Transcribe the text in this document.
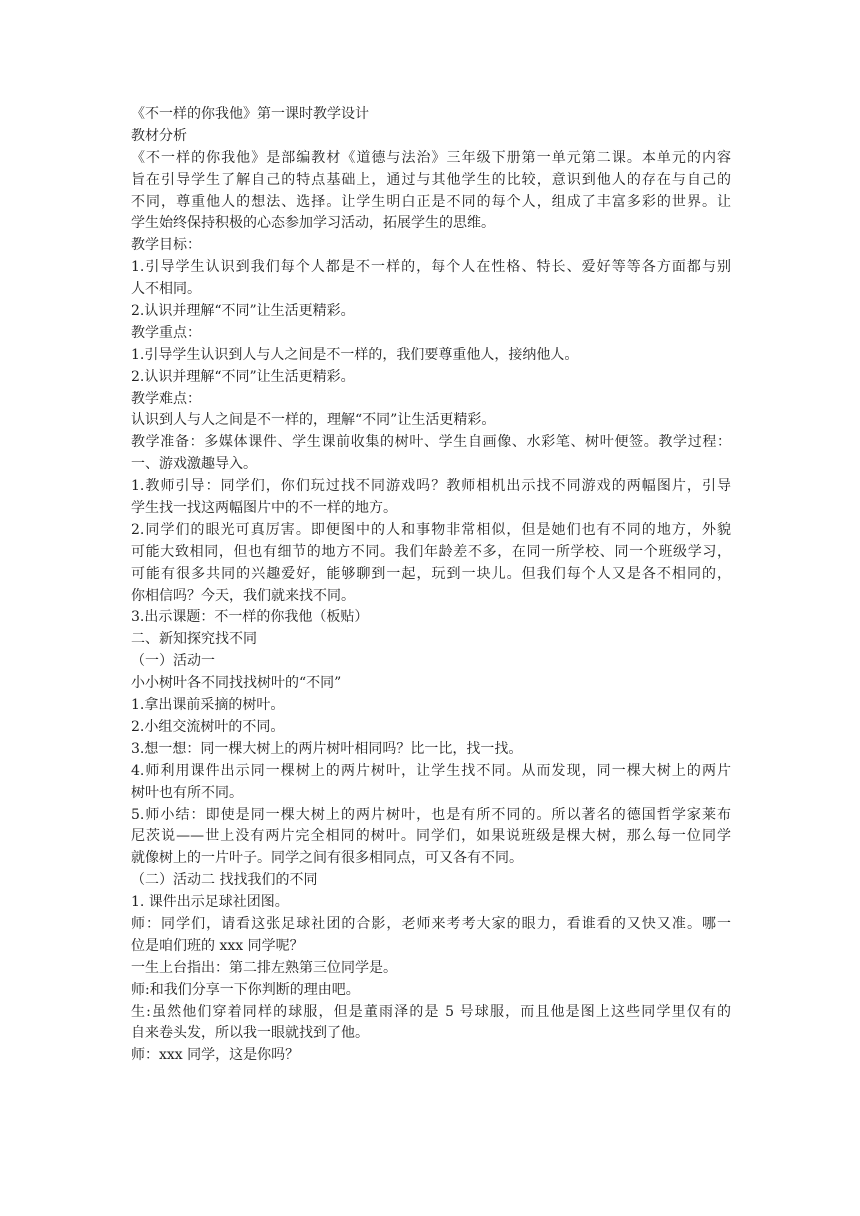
《不一样的你我他》第一课时教学设计
教材分析
《不一样的你我他》是部编教材《道德与法治》三年级下册第一单元第二课。本单元的内容
旨在引导学生了解自己的特点基础上，通过与其他学生的比较，意识到他人的存在与自己的
不同，尊重他人的想法、选择。让学生明白正是不同的每个人，组成了丰富多彩的世界。让
学生始终保持积极的心态参加学习活动，拓展学生的思维。
教学目标：
1.引导学生认识到我们每个人都是不一样的，每个人在性格、特长、爱好等等各方面都与别
人不相同。
2.认识并理解“不同”让生活更精彩。
教学重点：
1.引导学生认识到人与人之间是不一样的，我们要尊重他人，接纳他人。
2.认识并理解“不同”让生活更精彩。
教学难点：
认识到人与人之间是不一样的，理解“不同”让生活更精彩。
教学准备：多媒体课件、学生课前收集的树叶、学生自画像、水彩笔、树叶便签。教学过程：
一、游戏激趣导入。
1.教师引导：同学们，你们玩过找不同游戏吗？教师相机出示找不同游戏的两幅图片，引导
学生找一找这两幅图片中的不一样的地方。
2.同学们的眼光可真厉害。即便图中的人和事物非常相似，但是她们也有不同的地方，外貌
可能大致相同，但也有细节的地方不同。我们年龄差不多，在同一所学校、同一个班级学习，
可能有很多共同的兴趣爱好，能够聊到一起，玩到一块儿。但我们每个人又是各不相同的，
你相信吗？今天，我们就来找不同。
3.出示课题：不一样的你我他（板贴）
二、新知探究找不同
（一）活动一
小小树叶各不同找找树叶的“不同”
1.拿出课前采摘的树叶。
2.小组交流树叶的不同。
3.想一想：同一棵大树上的两片树叶相同吗？比一比，找一找。
4.师利用课件出示同一棵树上的两片树叶，让学生找不同。从而发现，同一棵大树上的两片
树叶也有所不同。
5.师小结：即使是同一棵大树上的两片树叶，也是有所不同的。所以著名的德国哲学家莱布
尼茨说——世上没有两片完全相同的树叶。同学们，如果说班级是棵大树，那么每一位同学
就像树上的一片叶子。同学之间有很多相同点，可又各有不同。
（二）活动二 找找我们的不同
1. 课件出示足球社团图。
师：同学们，请看这张足球社团的合影，老师来考考大家的眼力，看谁看的又快又准。哪一
位是咱们班的 xxx 同学呢？
一生上台指出：第二排左熟第三位同学是。
师:和我们分享一下你判断的理由吧。
生:虽然他们穿着同样的球服，但是董雨泽的是 5 号球服，而且他是图上这些同学里仅有的
自来卷头发，所以我一眼就找到了他。
师：xxx 同学，这是你吗？
